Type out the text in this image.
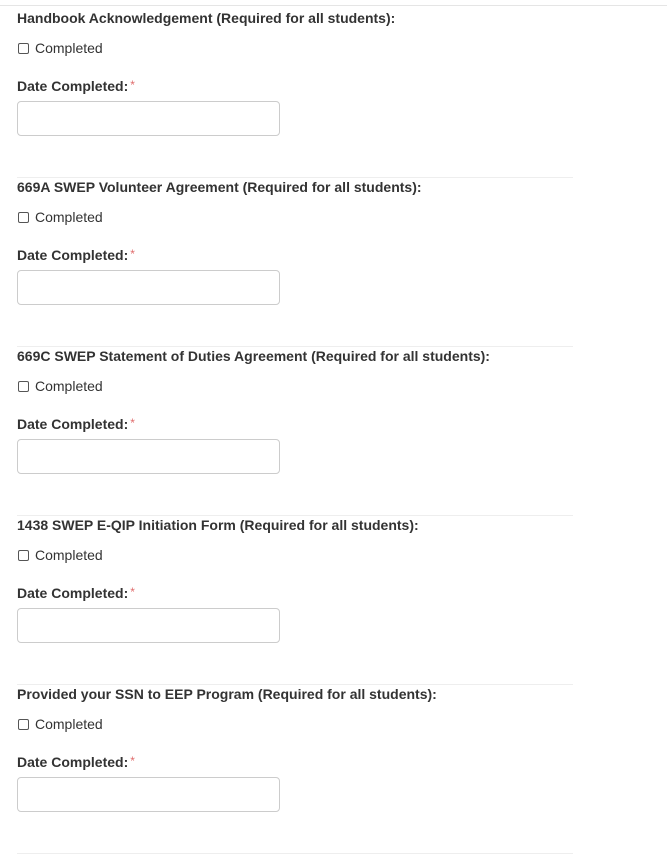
Handbook Acknowledgement (Required for all students):
Completed
Date Completed: *
669A SWEP Volunteer Agreement (Required for all students):
Completed
Date Completed: *
669C SWEP Statement of Duties Agreement (Required for all students):
Completed
Date Completed: *
1438 SWEP E-QIP Initiation Form (Required for all students):
Completed
Date Completed: *
Provided your SSN to EEP Program (Required for all students):
Completed
Date Completed: *
